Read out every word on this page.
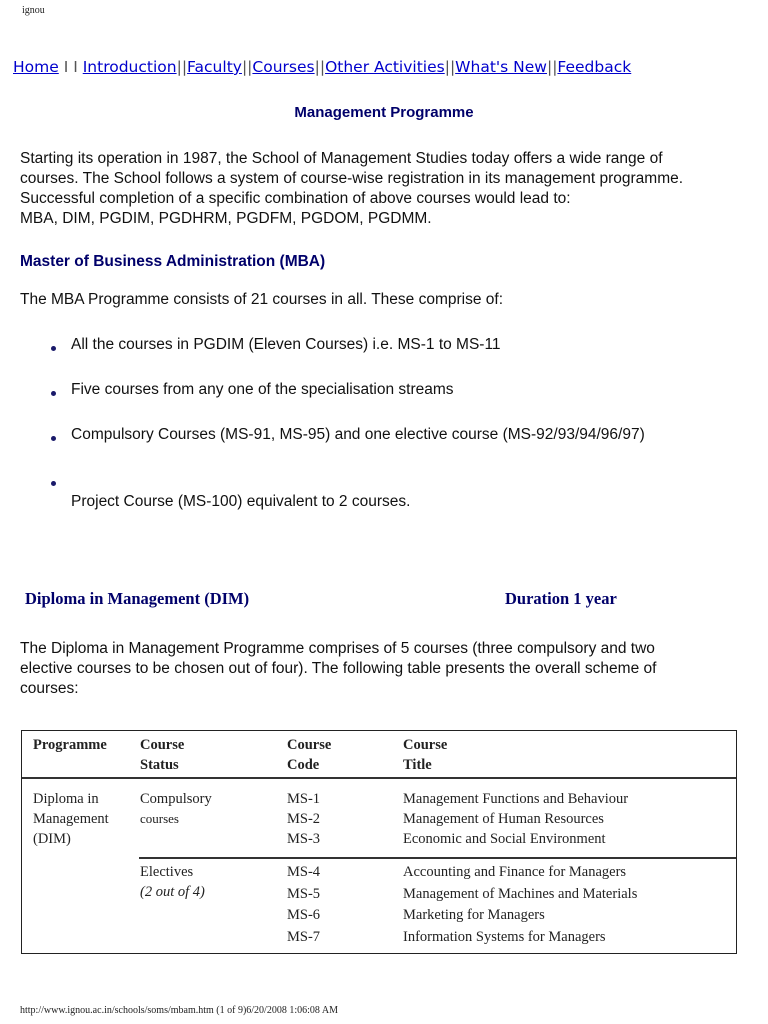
ignou
Home I I Introduction||Faculty||Courses||Other Activities||What's New||Feedback
Management Programme
Starting its operation in 1987, the School of Management Studies today offers a wide range of
courses. The School follows a system of course-wise registration in its management programme.
Successful completion of a specific combination of above courses would lead to:
MBA, DIM, PGDIM, PGDHRM, PGDFM, PGDOM, PGDMM.
Master of Business Administration (MBA)
The MBA Programme consists of 21 courses in all. These comprise of:
All the courses in PGDIM (Eleven Courses) i.e. MS-1 to MS-11
Five courses from any one of the specialisation streams
Compulsory Courses (MS-91, MS-95) and one elective course (MS-92/93/94/96/97)
Project Course (MS-100) equivalent to 2 courses.
Diploma in Management (DIM)	Duration 1 year
The Diploma in Management Programme comprises of 5 courses (three compulsory and two
elective courses to be chosen out of four). The following table presents the overall scheme of
courses:
Programme Course
Status
Course
Code
Course
Title
Diploma in
Management
(DIM)
Compulsory
courses
MS-1
MS-2
MS-3
Management Functions and Behaviour
Management of Human Resources
Economic and Social Environment
Electives
(2 out of 4)
MS-4
MS-5
MS-6
MS-7
Accounting and Finance for Managers
Management of Machines and Materials
Marketing for Managers
Information Systems for Managers
http://www.ignou.ac.in/schools/soms/mbam.htm (1 of 9)6/20/2008 1:06:08 AM
